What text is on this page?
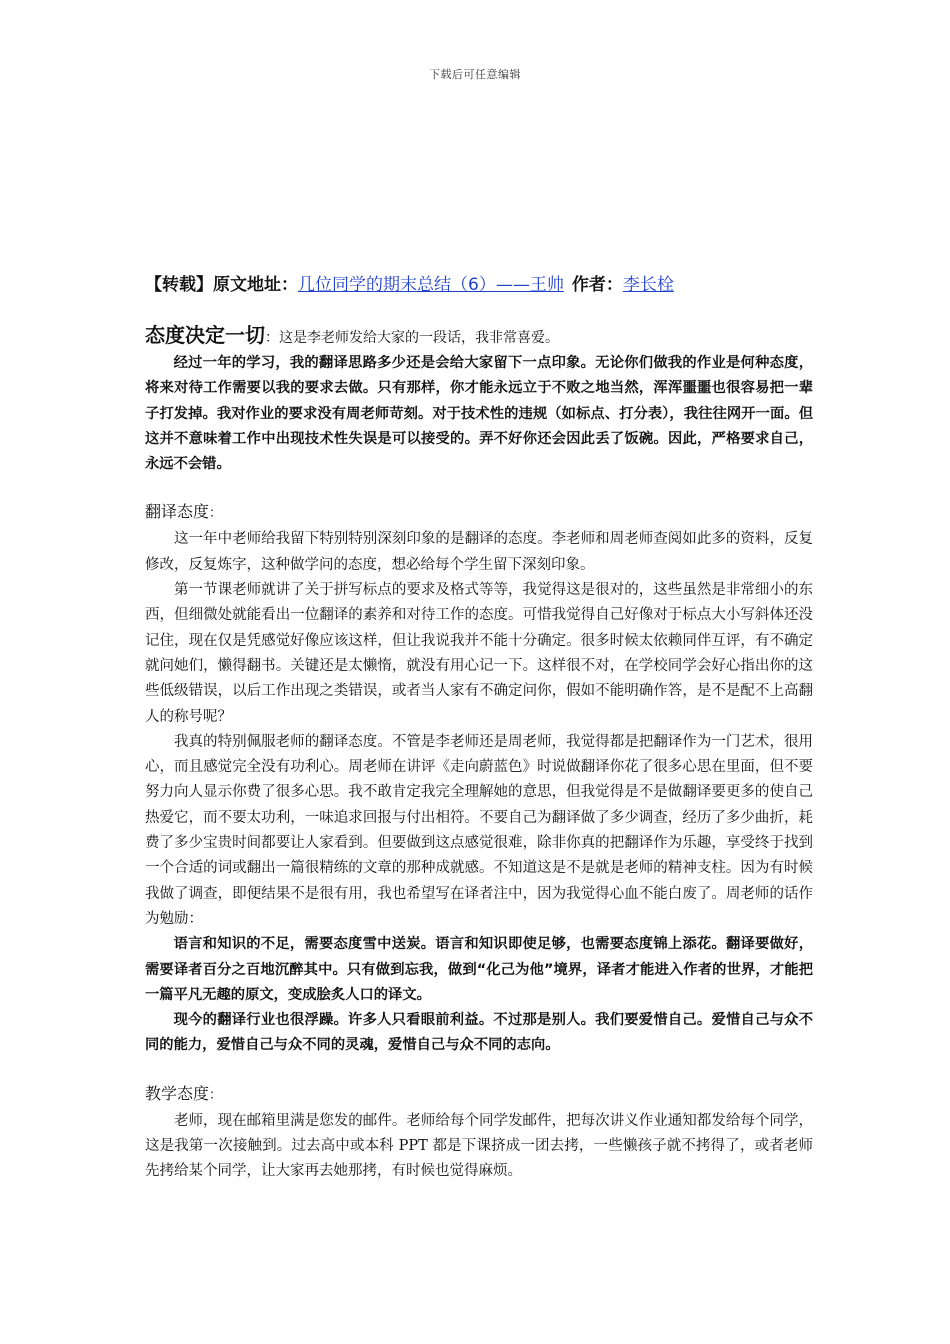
下载后可任意编辑
【转载】原文地址：几位同学的期末总结（6）——王帅 作者：李长栓
态度决定一切：这是李老师发给大家的一段话，我非常喜爱。

经过一年的学习，我的翻译思路多少还是会给大家留下一点印象。无论你们做我的作业是何种态度，将来对待工作需要以我的要求去做。只有那样，你才能永远立于不败之地当然，浑浑噩噩也很容易把一辈子打发掉。我对作业的要求没有周老师苛刻。对于技术性的违规（如标点、打分表），我往往网开一面。但这并不意味着工作中出现技术性失误是可以接受的。弄不好你还会因此丢了饭碗。因此，严格要求自己，永远不会错。

翻译态度：

这一年中老师给我留下特别特别深刻印象的是翻译的态度。李老师和周老师查阅如此多的资料，反复修改，反复炼字，这种做学问的态度，想必给每个学生留下深刻印象。

第一节课老师就讲了关于拼写标点的要求及格式等等，我觉得这是很对的，这些虽然是非常细小的东西，但细微处就能看出一位翻译的素养和对待工作的态度。可惜我觉得自己好像对于标点大小写斜体还没记住，现在仅是凭感觉好像应该这样，但让我说我并不能十分确定。很多时候太依赖同伴互评，有不确定就问她们，懒得翻书。关键还是太懒惰，就没有用心记一下。这样很不对，在学校同学会好心指出你的这些低级错误，以后工作出现之类错误，或者当人家有不确定问你，假如不能明确作答，是不是配不上高翻人的称号呢？

我真的特别佩服老师的翻译态度。不管是李老师还是周老师，我觉得都是把翻译作为一门艺术，很用心，而且感觉完全没有功利心。周老师在讲评《走向蔚蓝色》时说做翻译你花了很多心思在里面，但不要努力向人显示你费了很多心思。我不敢肯定我完全理解她的意思，但我觉得是不是做翻译要更多的使自己热爱它，而不要太功利，一味追求回报与付出相符。不要自己为翻译做了多少调查，经历了多少曲折，耗费了多少宝贵时间都要让人家看到。但要做到这点感觉很难，除非你真的把翻译作为乐趣，享受终于找到一个合适的词或翻出一篇很精练的文章的那种成就感。不知道这是不是就是老师的精神支柱。因为有时候我做了调查，即便结果不是很有用，我也希望写在译者注中，因为我觉得心血不能白废了。周老师的话作为勉励：

语言和知识的不足，需要态度雪中送炭。语言和知识即使足够，也需要态度锦上添花。翻译要做好，需要译者百分之百地沉醉其中。只有做到忘我，做到“化己为他”境界，译者才能进入作者的世界，才能把一篇平凡无趣的原文，变成脍炙人口的译文。

现今的翻译行业也很浮躁。许多人只看眼前利益。不过那是别人。我们要爱惜自己。爱惜自己与众不同的能力，爱惜自己与众不同的灵魂，爱惜自己与众不同的志向。

教学态度：

老师，现在邮箱里满是您发的邮件。老师给每个同学发邮件，把每次讲义作业通知都发给每个同学，这是我第一次接触到。过去高中或本科 PPT 都是下课挤成一团去拷，一些懒孩子就不拷得了，或者老师先拷给某个同学，让大家再去她那拷，有时候也觉得麻烦。
